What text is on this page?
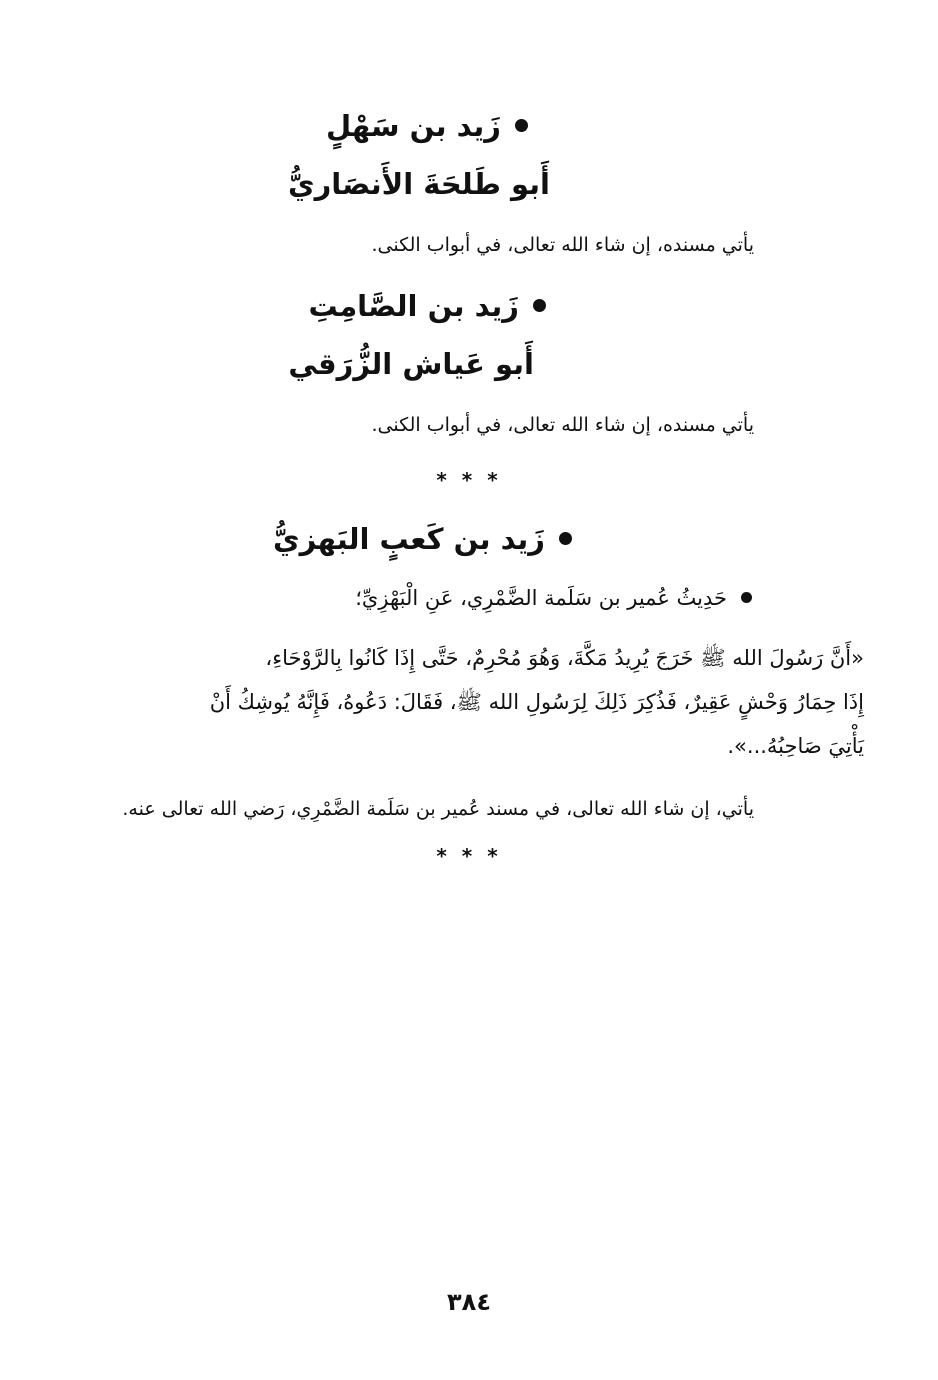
زَيد بن سَهْلٍ
أَبو طَلحَةَ الأَنصَاريُّ
يأتي مسنده، إن شاء الله تعالى، في أبواب الكنى.
زَيد بن الصَّامِتِ
أَبو عَياش الزُّرَقي
يأتي مسنده، إن شاء الله تعالى، في أبواب الكنى.
* * *
زَيد بن كَعبٍ البَهزيُّ
حَدِيثُ عُمير بن سَلَمة الضَّمْرِي، عَنِ الْبَهْزِيِّ؛
«أَنَّ رَسُولَ الله ﷺ خَرَجَ يُرِيدُ مَكَّةَ، وَهُوَ مُحْرِمٌ، حَتَّى إِذَا كَانُوا بِالرَّوْحَاءِ،
إِذَا حِمَارُ وَحْشٍ عَقِيرٌ، فَذُكِرَ ذَلِكَ لِرَسُولِ الله ﷺ، فَقَالَ: دَعُوهُ، فَإِنَّهُ يُوشِكُ أَنْ
يَأْتِيَ صَاحِبُهُ...».
يأتي، إن شاء الله تعالى، في مسند عُمير بن سَلَمة الضَّمْرِي، رَضي الله تعالى عنه.
* * *
٣٨٤
